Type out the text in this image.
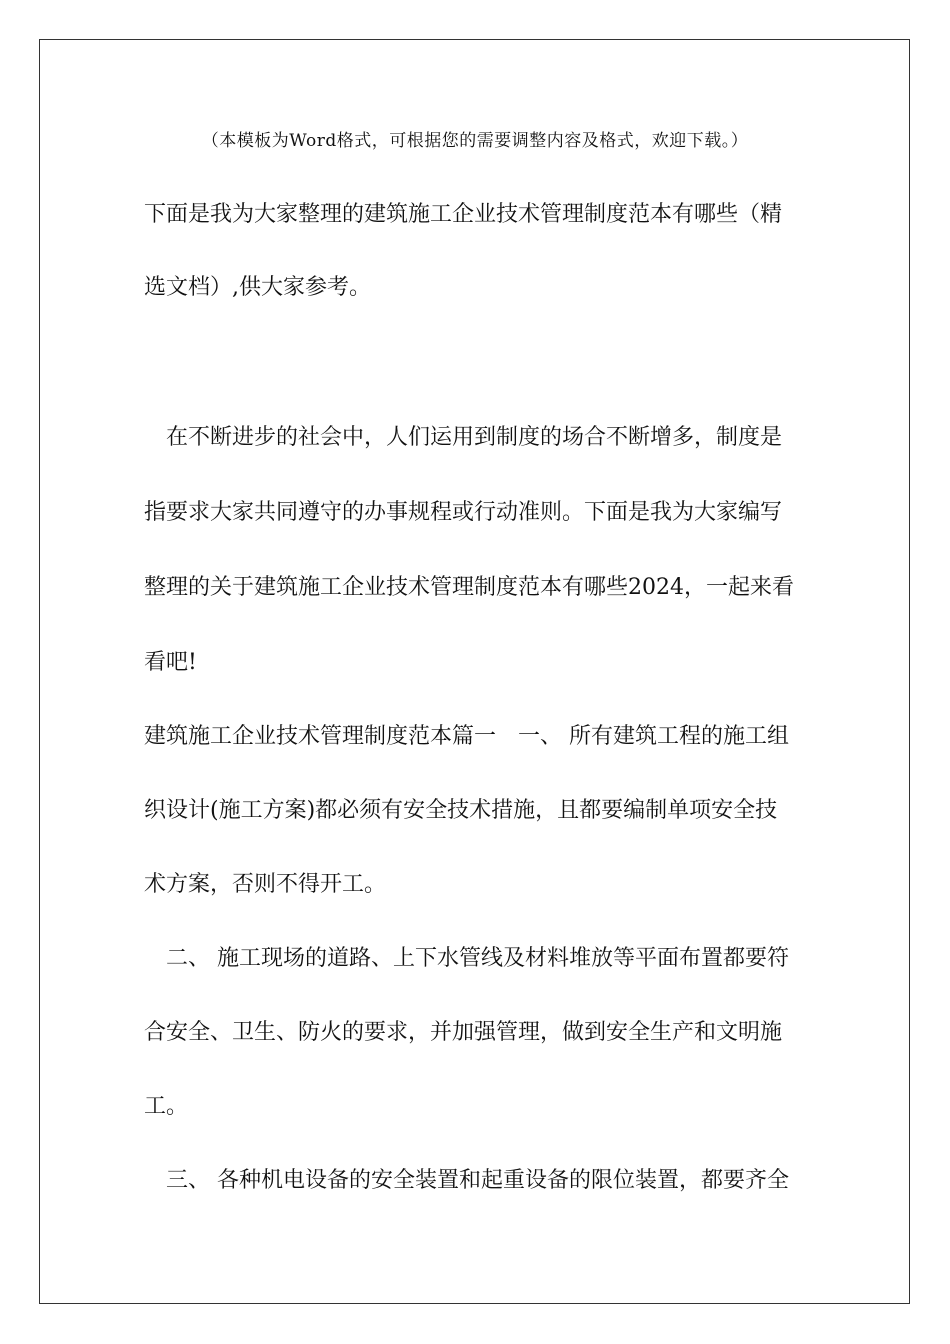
（本模板为Word格式，可根据您的需要调整内容及格式，欢迎下载。）
下面是我为大家整理的建筑施工企业技术管理制度范本有哪些（精
选文档）,供大家参考。
　在不断进步的社会中，人们运用到制度的场合不断增多，制度是
指要求大家共同遵守的办事规程或行动准则。下面是我为大家编写
整理的关于建筑施工企业技术管理制度范本有哪些2024，一起来看
看吧!
建筑施工企业技术管理制度范本篇一　一、 所有建筑工程的施工组
织设计(施工方案)都必须有安全技术措施，且都要编制单项安全技
术方案，否则不得开工。
　二、 施工现场的道路、上下水管线及材料堆放等平面布置都要符
合安全、卫生、防火的要求，并加强管理，做到安全生产和文明施
工。
　三、 各种机电设备的安全装置和起重设备的限位装置，都要齐全
